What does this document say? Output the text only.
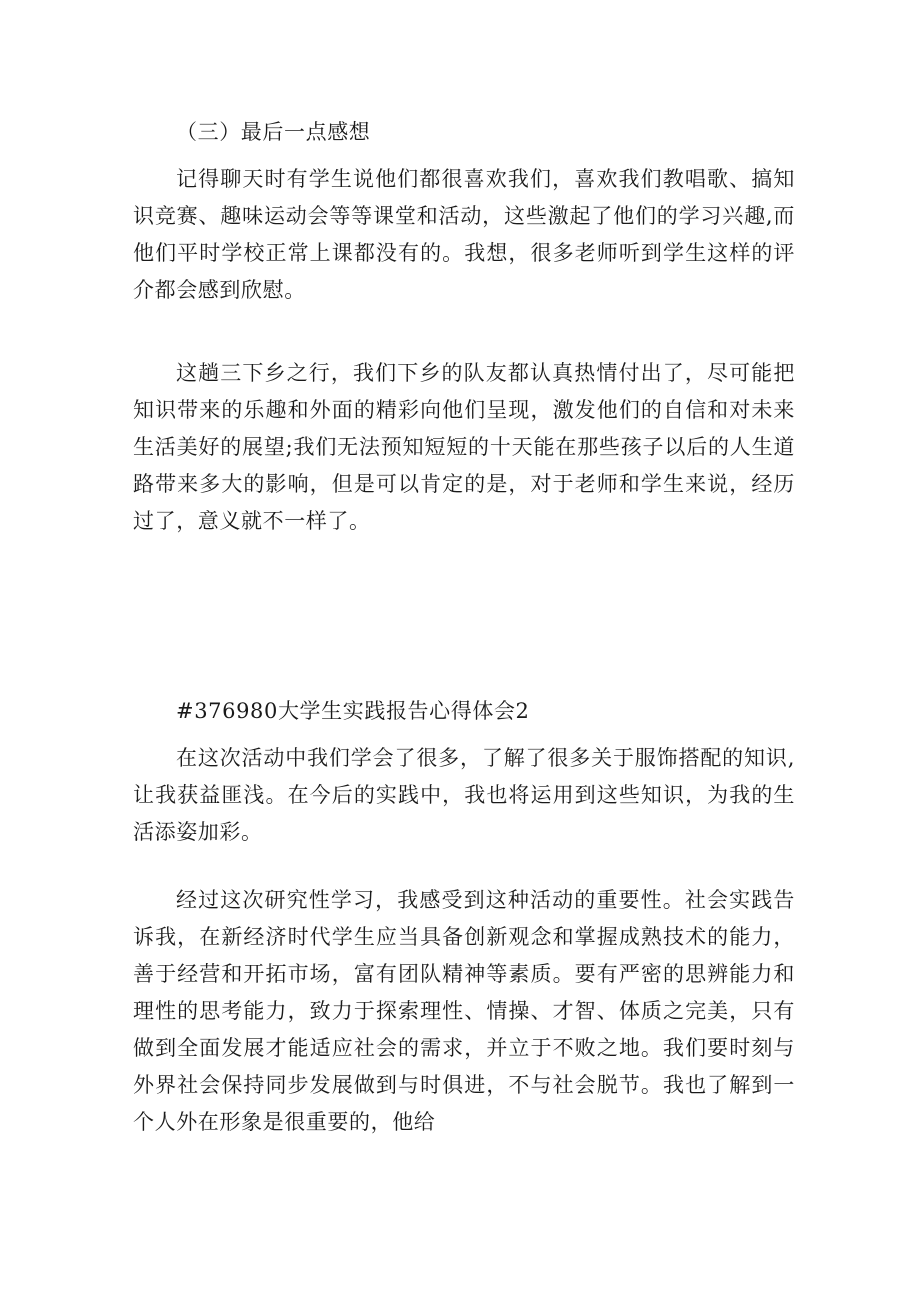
（三）最后一点感想

记得聊天时有学生说他们都很喜欢我们，喜欢我们教唱歌、搞知识竞赛、趣味运动会等等课堂和活动，这些激起了他们的学习兴趣,而他们平时学校正常上课都没有的。我想，很多老师听到学生这样的评介都会感到欣慰。

这趟三下乡之行，我们下乡的队友都认真热情付出了，尽可能把知识带来的乐趣和外面的精彩向他们呈现，激发他们的自信和对未来生活美好的展望;我们无法预知短短的十天能在那些孩子以后的人生道路带来多大的影响，但是可以肯定的是，对于老师和学生来说，经历过了，意义就不一样了。

#376980大学生实践报告心得体会2

在这次活动中我们学会了很多，了解了很多关于服饰搭配的知识,让我获益匪浅。在今后的实践中，我也将运用到这些知识，为我的生活添姿加彩。

经过这次研究性学习，我感受到这种活动的重要性。社会实践告诉我，在新经济时代学生应当具备创新观念和掌握成熟技术的能力，善于经营和开拓市场，富有团队精神等素质。要有严密的思辨能力和理性的思考能力，致力于探索理性、情操、才智、体质之完美，只有做到全面发展才能适应社会的需求，并立于不败之地。我们要时刻与外界社会保持同步发展做到与时俱进，不与社会脱节。我也了解到一个人外在形象是很重要的，他给
